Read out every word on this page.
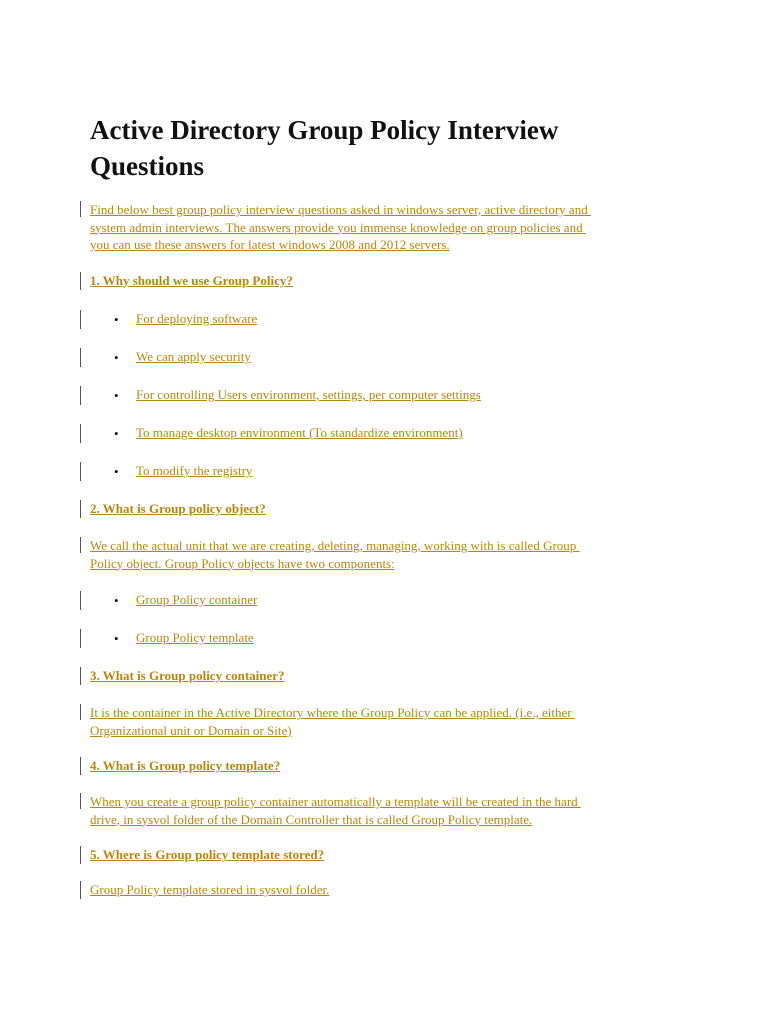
Active Directory Group Policy Interview
Questions
Find below best group policy interview questions asked in windows server, active directory and
system admin interviews. The answers provide you immense knowledge on group policies and
you can use these answers for latest windows 2008 and 2012 servers.
1. Why should we use Group Policy?
• For deploying software
• We can apply security
• For controlling Users environment, settings, per computer settings
• To manage desktop environment (To standardize environment)
• To modify the registry
2. What is Group policy object?
We call the actual unit that we are creating, deleting, managing, working with is called Group
Policy object. Group Policy objects have two components:
• Group Policy container
• Group Policy template
3. What is Group policy container?
It is the container in the Active Directory where the Group Policy can be applied. (i.e., either
Organizational unit or Domain or Site)
4. What is Group policy template?
When you create a group policy container automatically a template will be created in the hard
drive, in sysvol folder of the Domain Controller that is called Group Policy template.
5. Where is Group policy template stored?
Group Policy template stored in sysvol folder.
